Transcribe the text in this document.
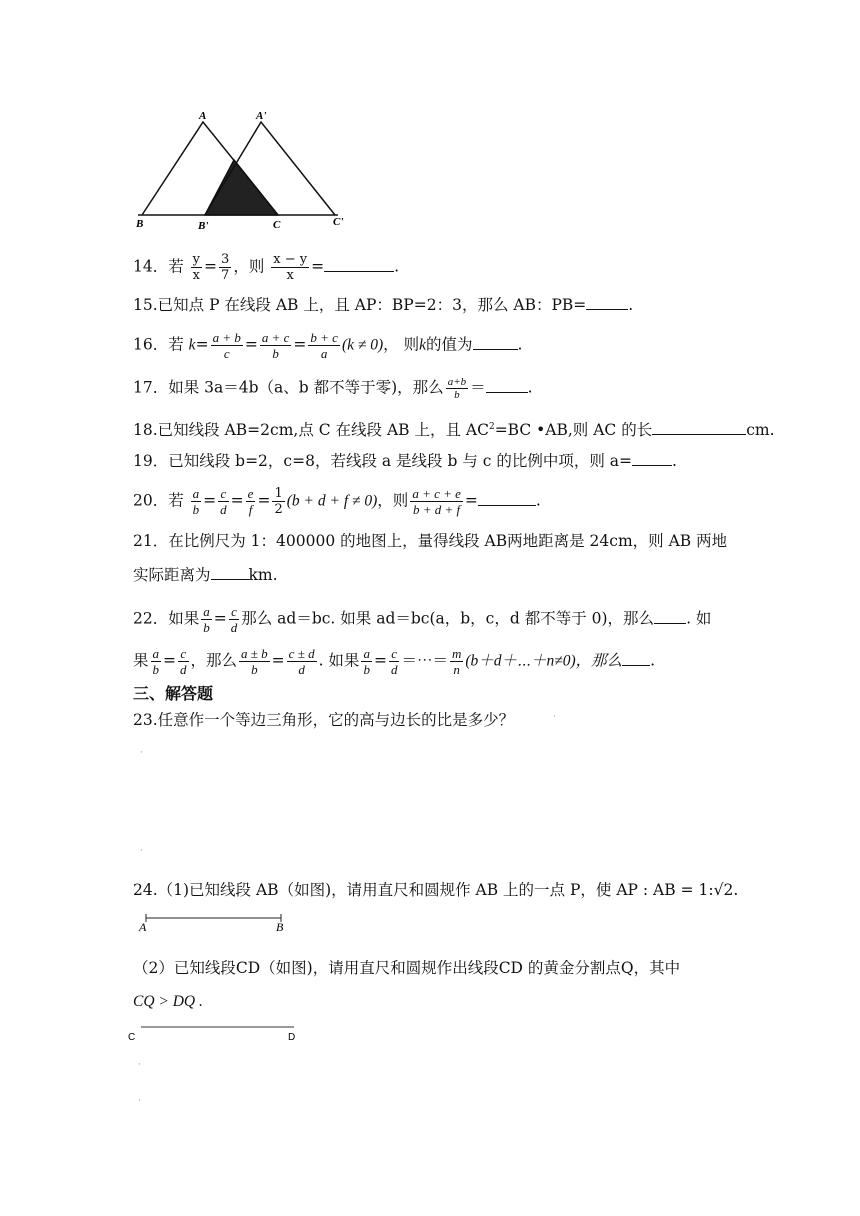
A	A'
B	B'	C	C'
14．若 $\frac{y}{x} = \frac{3}{7}$ ，则 $\frac{x - y}{x}$ =	.
15.已知点 P 在线段 AB 上，且 AP：BP=2：3，那么 AB：PB=	.
16．若 $k= \frac{a + b}{c} = \frac{a + c}{b} = \frac{b + c}{a} (k \ne 0)$， 则k的值为	.
17．如果 3a＝4b（a、b 都不等于零)，那么 $\frac{a+b}{b}$ ＝	.
18.已知线段 AB=2cm,点 C 在线段 AB 上，且 $AC^2=BC$ •AB,则 AC 的长	cm.
19．已知线段 b=2，c=8，若线段 a 是线段 b 与 c 的比例中项，则 a=	.
20．若 $\frac{a}{b} = \frac{c}{d} = \frac{e}{f} = \frac{1}{2} (b + d + f \ne 0)$，则 $\frac{a + c + e}{b + d + f}$ =	.
21．在比例尺为 1：400000 的地图上，量得线段 AB两地距离是 24cm，则 AB 两地
实际距离为 km.
22．如果 $\frac{a}{b} = \frac{c}{d}$ 那么 ad＝bc. 如果 ad＝bc(a，b，c，d 都不等于 0)，那么 . 如
果 $\frac{a}{b} = \frac{c}{d}$ ，那么 $\frac{a \pm b}{b} = \frac{c \pm d}{d}$ . 如果 $\frac{a}{b} = \frac{c}{d}$ ＝⋯＝ $\frac{m}{n}$ (b＋d＋⋯＋n≠0)，那么 .
三、解答题
23.任意作一个等边三角形，它的高与边长的比是多少？	·
·
·
24.（1)已知线段 AB（如图)，请用直尺和圆规作 AB 上的一点 P，使 AP : AB = 1:√2.
A	B
（2）已知线段CD（如图)，请用直尺和圆规作出线段CD 的黄金分割点Q，其中
CQ > DQ .
C	D
·
·
